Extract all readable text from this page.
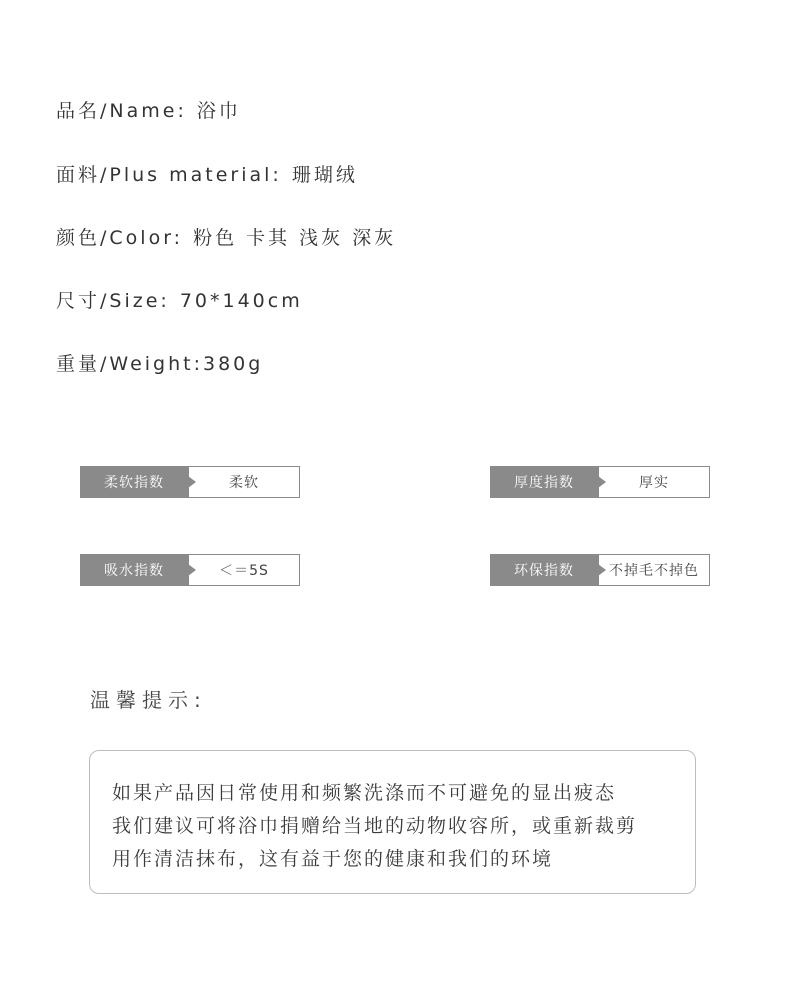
品名/Name: 浴巾
面料/Plus material: 珊瑚绒
颜色/Color: 粉色 卡其 浅灰 深灰
尺寸/Size: 70*140cm
重量/Weight:380g
柔软指数	柔软	厚度指数	厚实
吸水指数	＜＝5S	环保指数	不掉毛不掉色
温馨提示:
如果产品因日常使用和频繁洗涤而不可避免的显出疲态
我们建议可将浴巾捐赠给当地的动物收容所，或重新裁剪
用作清洁抹布，这有益于您的健康和我们的环境
